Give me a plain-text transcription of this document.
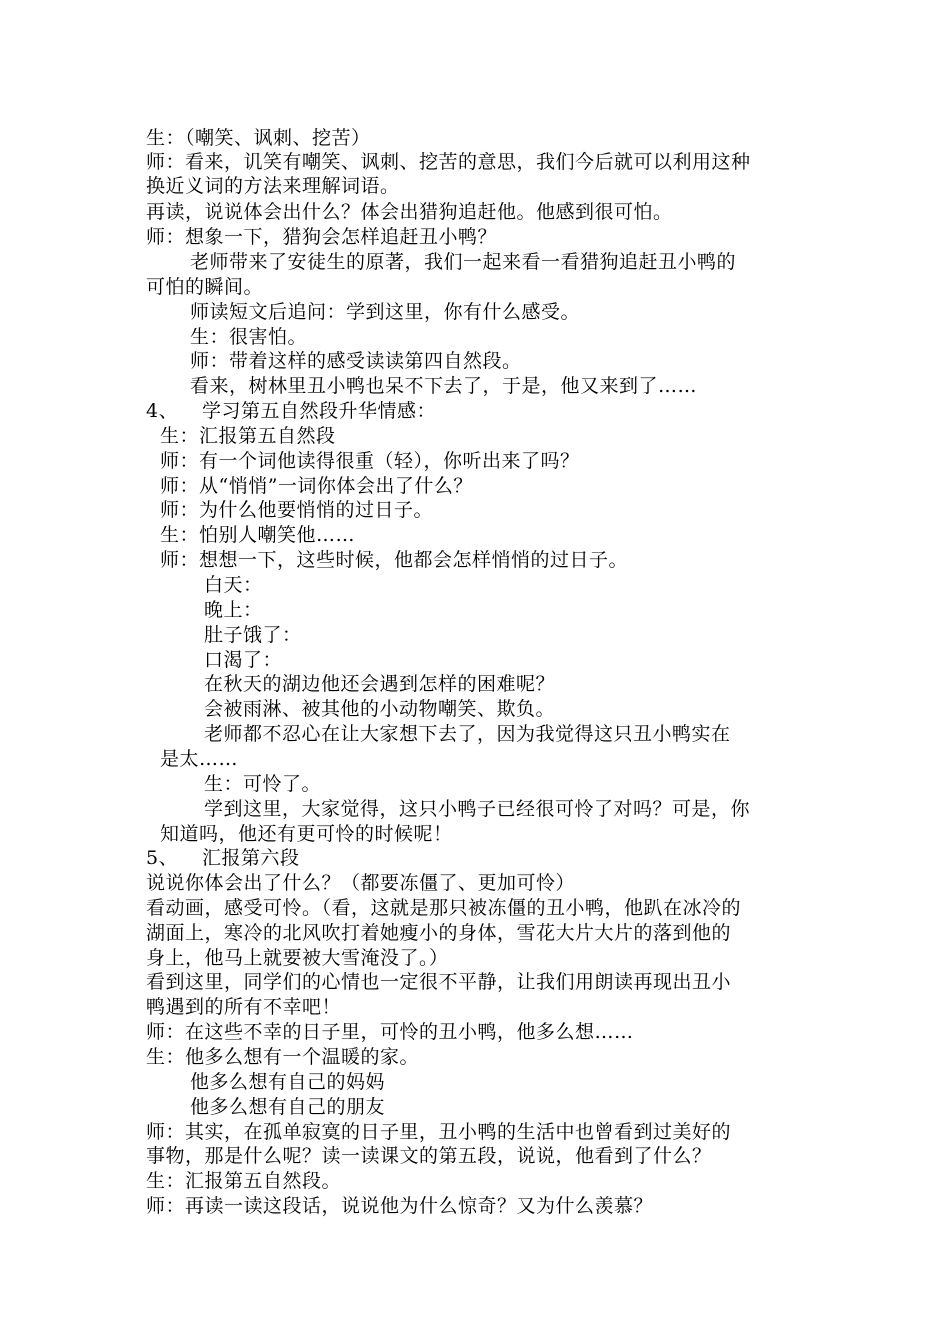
生：（嘲笑、讽刺、挖苦）
师：看来，讥笑有嘲笑、讽刺、挖苦的意思，我们今后就可以利用这种
换近义词的方法来理解词语。
再读，说说体会出什么？体会出猎狗追赶他。他感到很可怕。
师：想象一下，猎狗会怎样追赶丑小鸭？
老师带来了安徒生的原著，我们一起来看一看猎狗追赶丑小鸭的
可怕的瞬间。
师读短文后追问：学到这里，你有什么感受。
生：很害怕。
师：带着这样的感受读读第四自然段。
看来，树林里丑小鸭也呆不下去了，于是，他又来到了……
4、 学习第五自然段升华情感：
生：汇报第五自然段
师：有一个词他读得很重（轻），你听出来了吗？
师：从“悄悄”一词你体会出了什么？
师：为什么他要悄悄的过日子。
生：怕别人嘲笑他……
师：想想一下，这些时候，他都会怎样悄悄的过日子。
白天：
晚上：
肚子饿了：
口渴了：
在秋天的湖边他还会遇到怎样的困难呢？
会被雨淋、被其他的小动物嘲笑、欺负。
老师都不忍心在让大家想下去了，因为我觉得这只丑小鸭实在
是太……
生：可怜了。
学到这里，大家觉得，这只小鸭子已经很可怜了对吗？可是，你
知道吗，他还有更可怜的时候呢！
5、 汇报第六段
说说你体会出了什么？（都要冻僵了、更加可怜）
看动画，感受可怜。（看，这就是那只被冻僵的丑小鸭，他趴在冰冷的
湖面上，寒冷的北风吹打着她瘦小的身体，雪花大片大片的落到他的
身上，他马上就要被大雪淹没了。）
看到这里，同学们的心情也一定很不平静，让我们用朗读再现出丑小
鸭遇到的所有不幸吧！
师：在这些不幸的日子里，可怜的丑小鸭，他多么想……
生：他多么想有一个温暖的家。
他多么想有自己的妈妈
他多么想有自己的朋友
师：其实，在孤单寂寞的日子里，丑小鸭的生活中也曾看到过美好的
事物，那是什么呢？读一读课文的第五段，说说，他看到了什么？
生：汇报第五自然段。
师：再读一读这段话，说说他为什么惊奇？又为什么羡慕？
